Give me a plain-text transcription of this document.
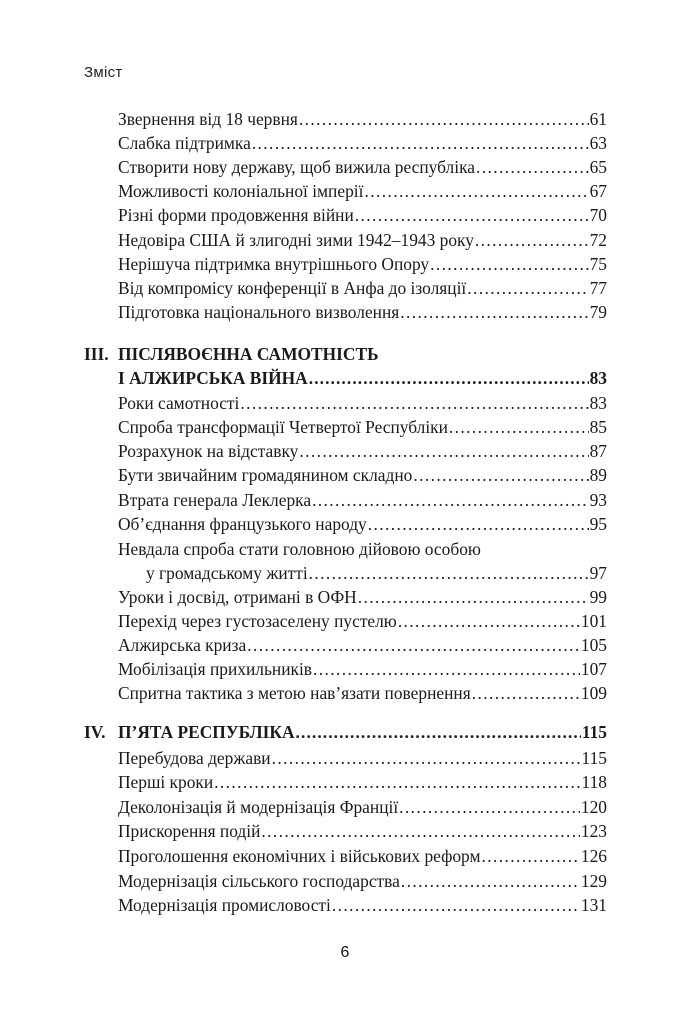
Зміст
Звернення від 18 червня .....	61
Слабка підтримка .....	63
Створити нову державу, щоб вижила республіка .....	65
Можливості колоніальної імперії .....	67
Різні форми продовження війни .....	70
Недовіра США й злигодні зими 1942–1943 року .....	72
Нерішуча підтримка внутрішнього Опору .....	75
Від компромісу конференції в Анфа до ізоляції .....	77
Підготовка національного визволення .....	79
III. ПІСЛЯВОЄННА САМОТНІСТЬ
І АЛЖИРСЬКА ВІЙНА .....	83
Роки самотності .....	83
Спроба трансформації Четвертої Республіки .....	85
Розрахунок на відставку .....	87
Бути звичайним громадянином складно .....	89
Втрата генерала Леклерка .....	93
Об’єднання французького народу .....	95
Невдала спроба стати головною дійовою особою
у громадському житті .....	97
Уроки і досвід, отримані в ОФН .....	99
Перехід через густозаселену пустелю .....	101
Алжирська криза .....	105
Мобілізація прихильників .....	107
Спритна тактика з метою нав’язати повернення .....	109
IV. П’ЯТА РЕСПУБЛІКА .....	115
Перебудова держави .....	115
Перші кроки .....	118
Деколонізація й модернізація Франції .....	120
Прискорення подій .....	123
Проголошення економічних і військових реформ .....	126
Модернізація сільського господарства .....	129
Модернізація промисловості .....	131
6
